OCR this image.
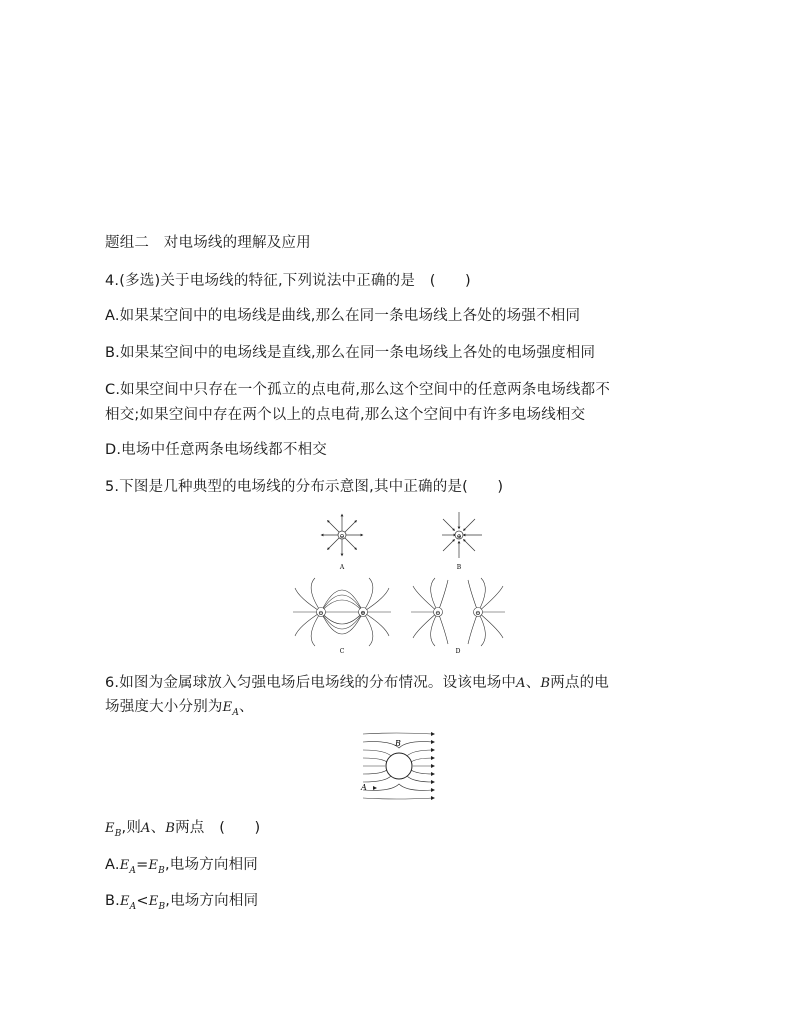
题组二　对电场线的理解及应用
4.(多选)关于电场线的特征,下列说法中正确的是　(　　)
A.如果某空间中的电场线是曲线,那么在同一条电场线上各处的场强不相同
B.如果某空间中的电场线是直线,那么在同一条电场线上各处的电场强度相同
C.如果空间中只存在一个孤立的点电荷,那么这个空间中的任意两条电场线都不
相交;如果空间中存在两个以上的点电荷,那么这个空间中有许多电场线相交
D.电场中任意两条电场线都不相交
5.下图是几种典型的电场线的分布示意图,其中正确的是(　　)
⊖
A
⊕
B
⊖	⊕
C
⊖	⊖
D
6.如图为金属球放入匀强电场后电场线的分布情况。设该电场中A、B两点的电
场强度大小分别为$E_A$、
B
A
$E_B$,则A、B两点　(　　)
$A.E_A=E_B$,电场方向相同
$B.E_A<E_B$,电场方向相同
